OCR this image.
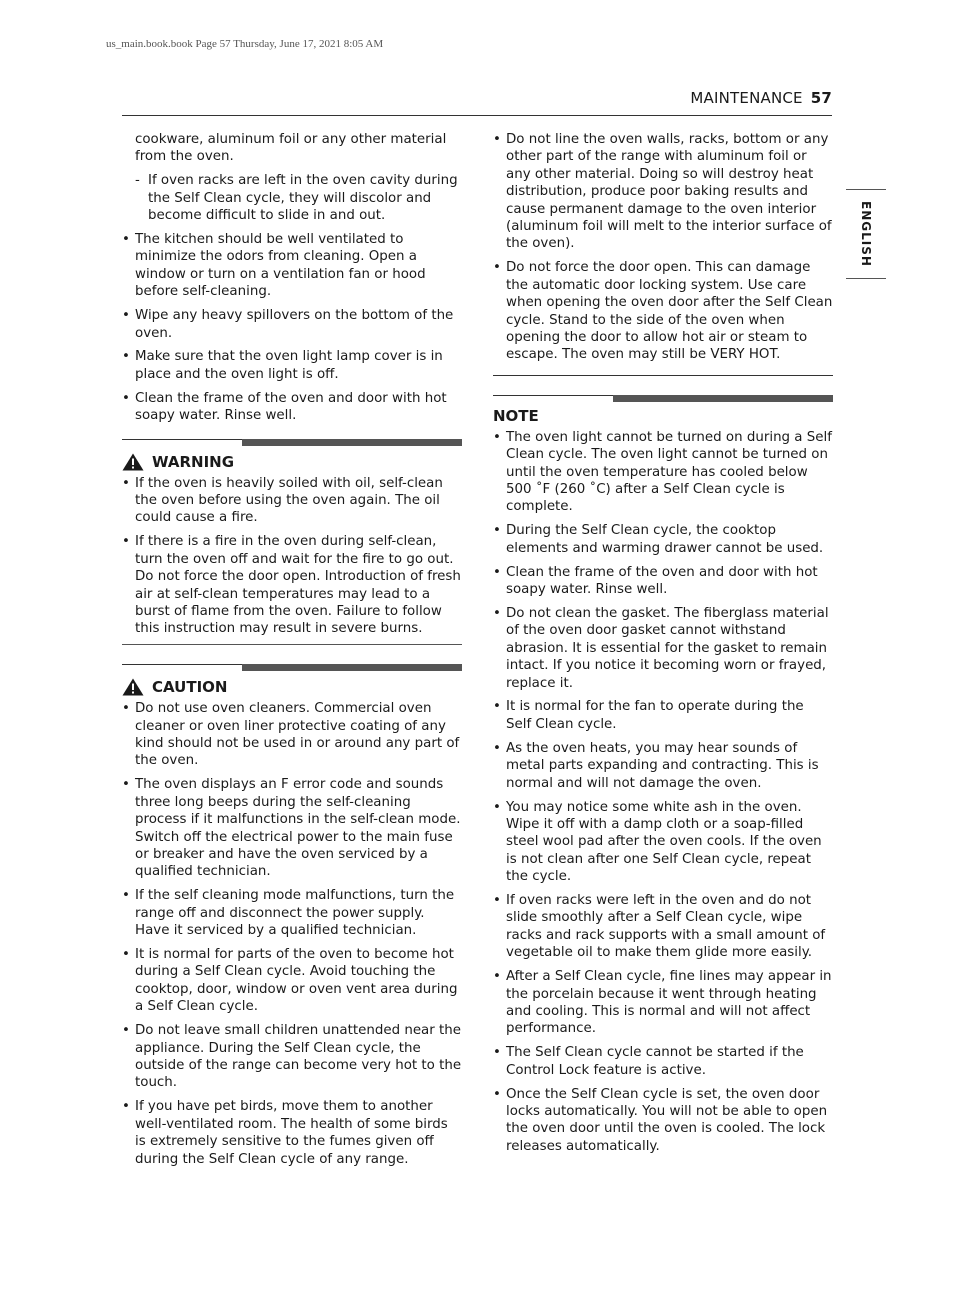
us_main.book.book Page 57 Thursday, June 17, 2021 8:05 AM
MAINTENANCE 57
ENGLISH
cookware, aluminum foil or any other material from the oven.
- If oven racks are left in the oven cavity during the Self Clean cycle, they will discolor and become difficult to slide in and out.
• The kitchen should be well ventilated to minimize the odors from cleaning. Open a window or turn on a ventilation fan or hood before self-cleaning.
• Wipe any heavy spillovers on the bottom of the oven.
• Make sure that the oven light lamp cover is in place and the oven light is off.
• Clean the frame of the oven and door with hot soapy water. Rinse well.
WARNING
• If the oven is heavily soiled with oil, self-clean the oven before using the oven again. The oil could cause a fire.
• If there is a fire in the oven during self-clean, turn the oven off and wait for the fire to go out. Do not force the door open. Introduction of fresh air at self-clean temperatures may lead to a burst of flame from the oven. Failure to follow this instruction may result in severe burns.
CAUTION
• Do not use oven cleaners. Commercial oven cleaner or oven liner protective coating of any kind should not be used in or around any part of the oven.
• The oven displays an F error code and sounds three long beeps during the self-cleaning process if it malfunctions in the self-clean mode. Switch off the electrical power to the main fuse or breaker and have the oven serviced by a qualified technician.
• If the self cleaning mode malfunctions, turn the range off and disconnect the power supply. Have it serviced by a qualified technician.
• It is normal for parts of the oven to become hot during a Self Clean cycle. Avoid touching the cooktop, door, window or oven vent area during a Self Clean cycle.
• Do not leave small children unattended near the appliance. During the Self Clean cycle, the outside of the range can become very hot to the touch.
• If you have pet birds, move them to another well-ventilated room. The health of some birds is extremely sensitive to the fumes given off during the Self Clean cycle of any range.
• Do not line the oven walls, racks, bottom or any other part of the range with aluminum foil or any other material. Doing so will destroy heat distribution, produce poor baking results and cause permanent damage to the oven interior (aluminum foil will melt to the interior surface of the oven).
• Do not force the door open. This can damage the automatic door locking system. Use care when opening the oven door after the Self Clean cycle. Stand to the side of the oven when opening the door to allow hot air or steam to escape. The oven may still be VERY HOT.
NOTE
• The oven light cannot be turned on during a Self Clean cycle. The oven light cannot be turned on until the oven temperature has cooled below 500 ˚F (260 ˚C) after a Self Clean cycle is complete.
• During the Self Clean cycle, the cooktop elements and warming drawer cannot be used.
• Clean the frame of the oven and door with hot soapy water. Rinse well.
• Do not clean the gasket. The fiberglass material of the oven door gasket cannot withstand abrasion. It is essential for the gasket to remain intact. If you notice it becoming worn or frayed, replace it.
• It is normal for the fan to operate during the Self Clean cycle.
• As the oven heats, you may hear sounds of metal parts expanding and contracting. This is normal and will not damage the oven.
• You may notice some white ash in the oven. Wipe it off with a damp cloth or a soap-filled steel wool pad after the oven cools. If the oven is not clean after one Self Clean cycle, repeat the cycle.
• If oven racks were left in the oven and do not slide smoothly after a Self Clean cycle, wipe racks and rack supports with a small amount of vegetable oil to make them glide more easily.
• After a Self Clean cycle, fine lines may appear in the porcelain because it went through heating and cooling. This is normal and will not affect performance.
• The Self Clean cycle cannot be started if the Control Lock feature is active.
• Once the Self Clean cycle is set, the oven door locks automatically. You will not be able to open the oven door until the oven is cooled. The lock releases automatically.
